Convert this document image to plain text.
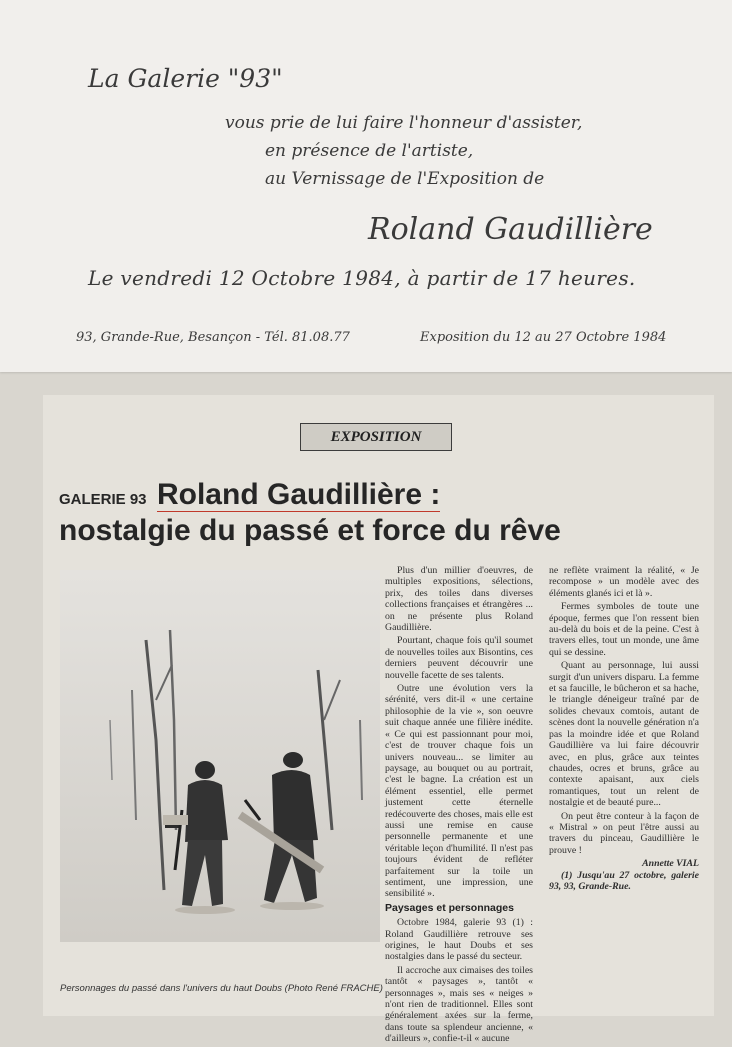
La Galerie "93"
vous prie de lui faire l'honneur d'assister,
en présence de l'artiste,
au Vernissage de l'Exposition de
Roland Gaudillière
Le vendredi 12 Octobre 1984, à partir de 17 heures.
93, Grande-Rue, Besançon - Tél. 81.08.77	Exposition du 12 au 27 Octobre 1984
EXPOSITION
GALERIE 93 Roland Gaudillière :
nostalgie du passé et force du rêve
Personnages du passé dans l'univers du haut Doubs (Photo René FRACHE)

Plus d'un millier d'oeuvres, de multiples expositions, sélections, prix, des toiles dans diverses collections françaises et étrangères ... on ne présente plus Roland Gaudillière.

Pourtant, chaque fois qu'il soumet de nouvelles toiles aux Bisontins, ces derniers peuvent découvrir une nouvelle facette de ses talents.

Outre une évolution vers la sérénité, vers dit-il « une certaine philosophie de la vie », son oeuvre suit chaque année une filière inédite. « Ce qui est passionnant pour moi, c'est de trouver chaque fois un univers nouveau... se limiter au paysage, au bouquet ou au portrait, c'est le bagne. La création est un élément essentiel, elle permet justement cette éternelle redécouverte des choses, mais elle est aussi une remise en cause personnelle permanente et une véritable leçon d'humilité. Il n'est pas toujours évident de refléter parfaitement sur la toile un sentiment, une impression, une sensibilité ».

Paysages et personnages

Octobre 1984, galerie 93 (1) : Roland Gaudillière retrouve ses origines, le haut Doubs et ses nostalgies dans le passé du secteur.

Il accroche aux cimaises des toiles tantôt « paysages », tantôt « personnages », mais ses « neiges » n'ont rien de traditionnel. Elles sont généralement axées sur la ferme, dans toute sa splendeur ancienne, « d'ailleurs », confie-t-il « aucune

ne reflète vraiment la réalité, « Je recompose » un modèle avec des éléments glanés ici et là ».

Fermes symboles de toute une époque, fermes que l'on ressent bien au-delà du bois et de la peine. C'est à travers elles, tout un monde, une âme qui se dessine.

Quant au personnage, lui aussi surgit d'un univers disparu. La femme et sa faucille, le bûcheron et sa hache, le triangle déneigeur traîné par de solides chevaux comtois, autant de scènes dont la nouvelle génération n'a pas la moindre idée et que Roland Gaudillière va lui faire découvrir avec, en plus, grâce aux teintes chaudes, ocres et bruns, grâce au contexte apaisant, aux ciels romantiques, tout un relent de nostalgie et de beauté pure...

On peut être conteur à la façon de « Mistral » on peut l'être aussi au travers du pinceau, Gaudillière le prouve !

Annette VIAL

(1) Jusqu'au 27 octobre, galerie 93, 93, Grande-Rue.
